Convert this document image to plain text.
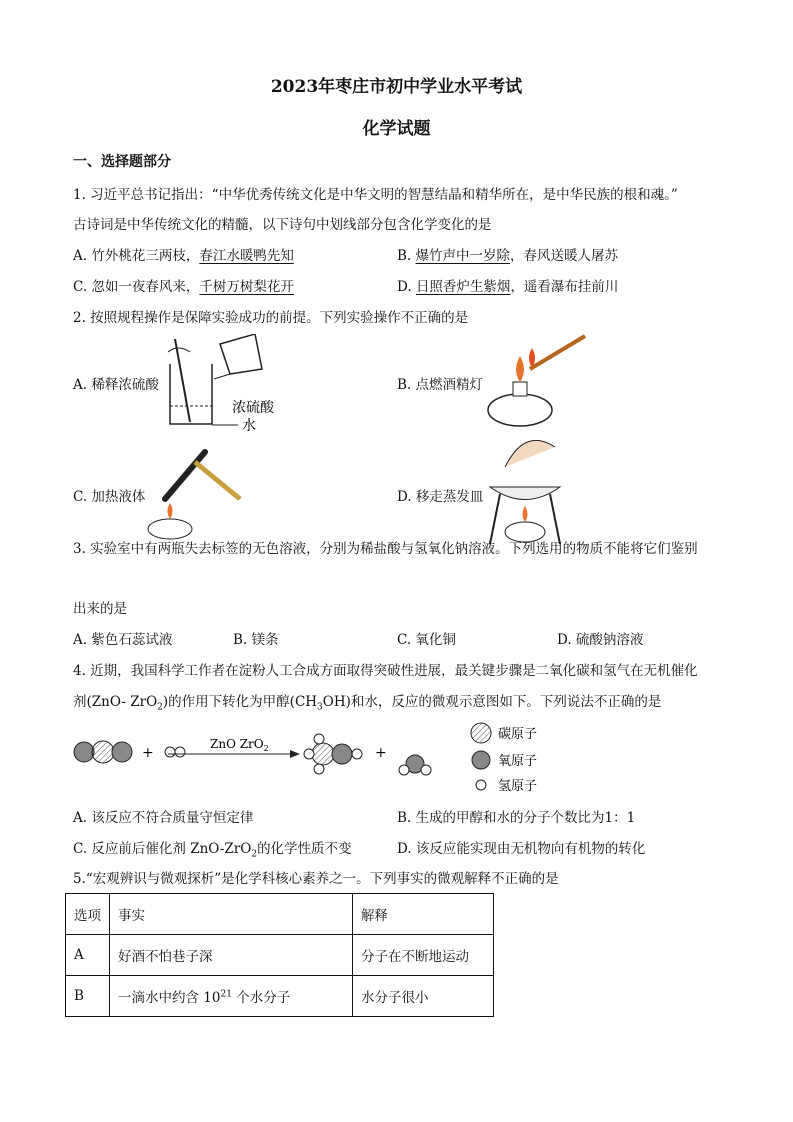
2023年枣庄市初中学业水平考试
化学试题
一、选择题部分
1. 习近平总书记指出：“中华优秀传统文化是中华文明的智慧结晶和精华所在，是中华民族的根和魂。”
古诗词是中华传统文化的精髓，以下诗句中划线部分包含化学变化的是
A. 竹外桃花三两枝，春江水暖鸭先知	B. 爆竹声中一岁除，春风送暖人屠苏
C. 忽如一夜春风来，千树万树梨花开	D. 日照香炉生紫烟，遥看瀑布挂前川
2. 按照规程操作是保障实验成功的前提。下列实验操作不正确的是
A. 稀释浓硫酸
浓硫酸
水
B. 点燃酒精灯
C. 加热液体	D. 移走蒸发皿
3. 实验室中有两瓶失去标签的无色溶液，分别为稀盐酸与氢氧化钠溶液。下列选用的物质不能将它们鉴别
出来的是
A. 紫色石蕊试液	B. 镁条	C. 氧化铜	D. 硫酸钠溶液
4. 近期，我国科学工作者在淀粉人工合成方面取得突破性进展，最关键步骤是二氧化碳和氢气在无机催化
剂(ZnO- ZrO$_2$)的作用下转化为甲醇$(CH_3OH)$和水，反应的微观示意图如下。下列说法不正确的是
+
ZnO ZrO$_2$	+
碳原子
氧原子
氢原子
A. 该反应不符合质量守恒定律	B. 生成的甲醇和水的分子个数比为1：1
C. 反应前后催化剂 ZnO-ZrO$_2$的化学性质不变	D. 该反应能实现由无机物向有机物的转化
5.“宏观辨识与微观探析”是化学科核心素养之一。下列事实的微观解释不正确的是
选项	事实	解释
A	好酒不怕巷子深	分子在不断地运动
B	一滴水中约含 $10^{21}$ 个水分子	水分子很小
